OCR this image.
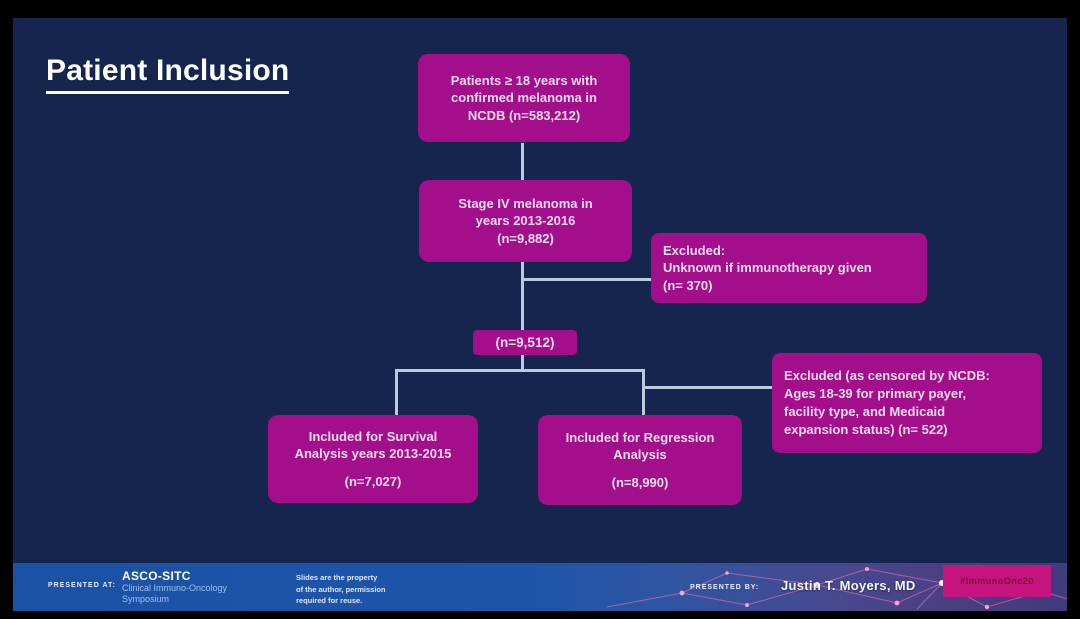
Patient Inclusion	Patients ≥ 18 years with
confirmed melanoma in
NCDB (n=583,212)
Stage IV melanoma in
years 2013-2016
(n=9,882)
Excluded:
Unknown if immunotherapy given
(n= 370)
(n=9,512)
Excluded (as censored by NCDB:
Ages 18-39 for primary payer,
facility type, and Medicaid
expansion status) (n= 522)
Included for Survival
Analysis years 2013-2015
(n=7,027)
Included for Regression
Analysis
(n=8,990)
PRESENTED AT:
ASCO-SITC
Clinical Immuno-Oncology
Symposium
Slides are the property
of the author, permission
required for reuse.
PRESENTED BY: Justin T. Moyers, MD	#ImmunoOnc20
